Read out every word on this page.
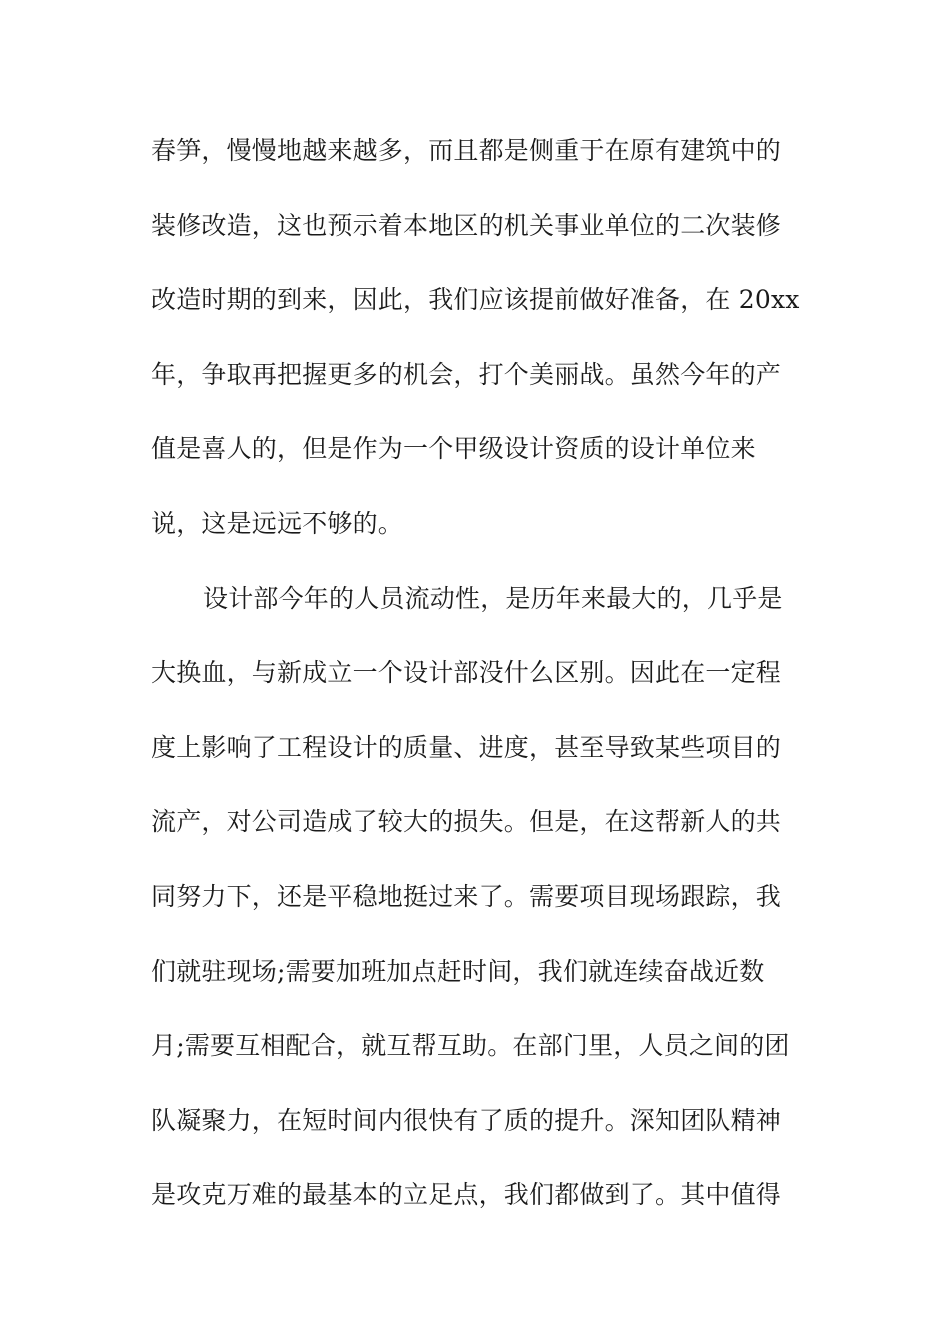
春笋，慢慢地越来越多，而且都是侧重于在原有建筑中的
装修改造，这也预示着本地区的机关事业单位的二次装修
改造时期的到来，因此，我们应该提前做好准备，在 20xx
年，争取再把握更多的机会，打个美丽战。虽然今年的产
值是喜人的，但是作为一个甲级设计资质的设计单位来
说，这是远远不够的。
设计部今年的人员流动性，是历年来最大的，几乎是
大换血，与新成立一个设计部没什么区别。因此在一定程
度上影响了工程设计的质量、进度，甚至导致某些项目的
流产，对公司造成了较大的损失。但是，在这帮新人的共
同努力下，还是平稳地挺过来了。需要项目现场跟踪，我
们就驻现场;需要加班加点赶时间，我们就连续奋战近数
月;需要互相配合，就互帮互助。在部门里，人员之间的团
队凝聚力，在短时间内很快有了质的提升。深知团队精神
是攻克万难的最基本的立足点，我们都做到了。其中值得
